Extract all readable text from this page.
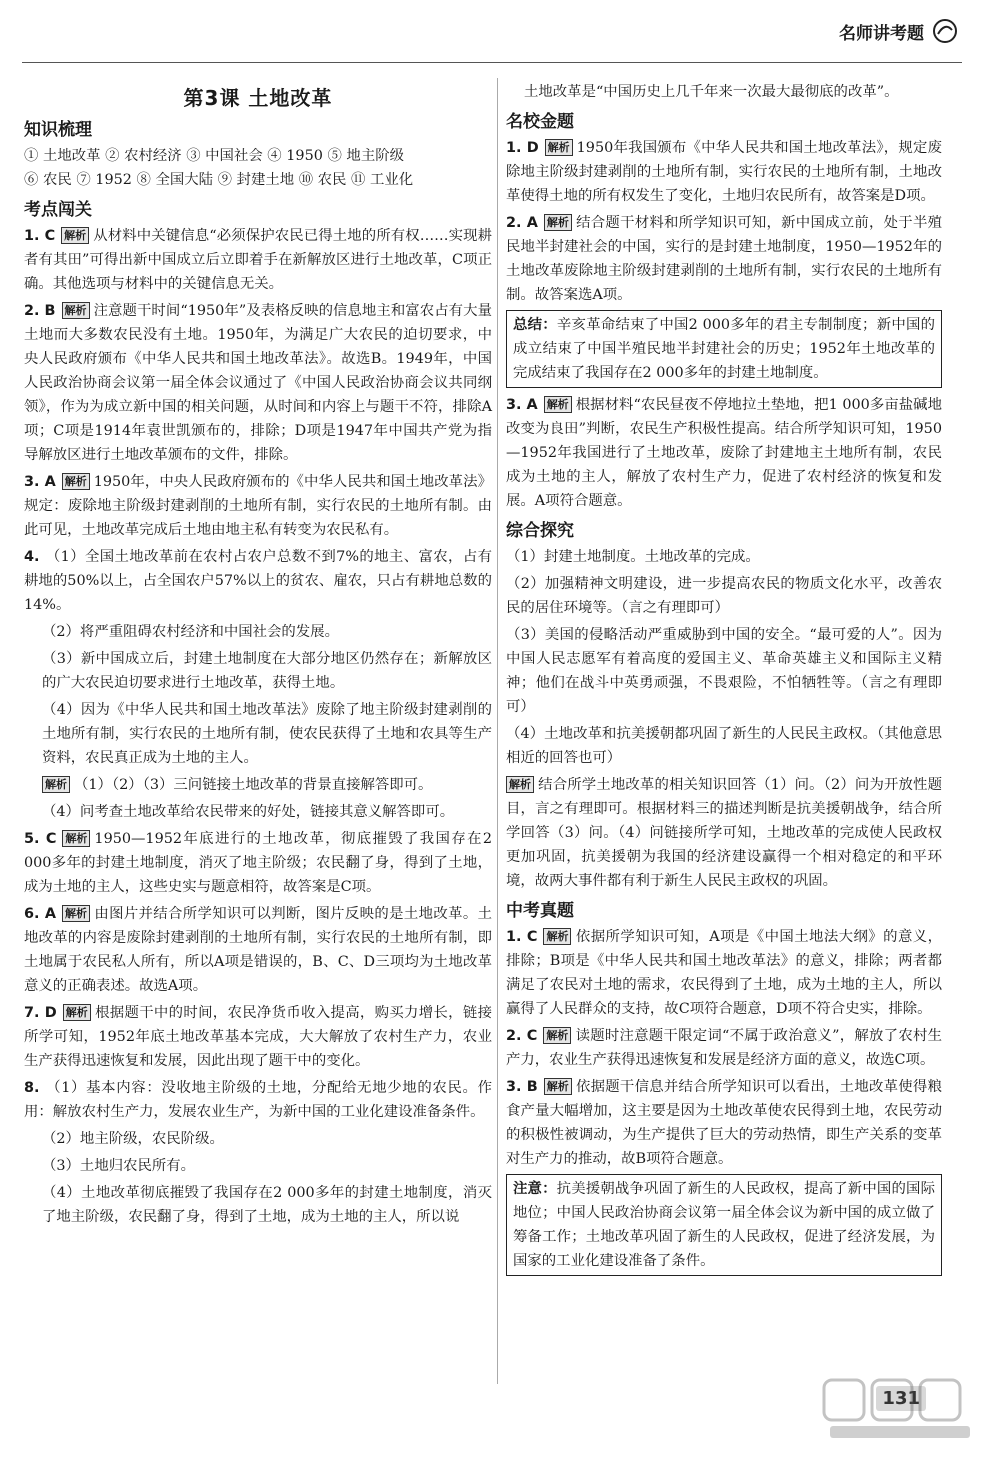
名师讲考题
第3课 土地改革
知识梳理

① 土地改革 ② 农村经济 ③ 中国社会 ④ 1950 ⑤ 地主阶级

⑥ 农民 ⑦ 1952 ⑧ 全国大陆 ⑨ 封建土地 ⑩ 农民 ⑪ 工业化

考点闯关

1. C 解析 从材料中关键信息“必须保护农民已得土地的所有权……实现耕者有其田”可得出新中国成立后立即着手在新解放区进行土地改革，C项正确。其他选项与材料中的关键信息无关。

2. B 解析 注意题干时间“1950年”及表格反映的信息地主和富农占有大量土地而大多数农民没有土地。1950年，为满足广大农民的迫切要求，中央人民政府颁布《中华人民共和国土地改革法》。故选B。1949年，中国人民政治协商会议第一届全体会议通过了《中国人民政治协商会议共同纲领》，作为为成立新中国的相关问题，从时间和内容上与题干不符，排除A项；C项是1914年袁世凯颁布的，排除；D项是1947年中国共产党为指导解放区进行土地改革颁布的文件，排除。

3. A 解析 1950年，中央人民政府颁布的《中华人民共和国土地改革法》规定：废除地主阶级封建剥削的土地所有制，实行农民的土地所有制。由此可见，土地改革完成后土地由地主私有转变为农民私有。

4. （1）全国土地改革前在农村占农户总数不到7%的地主、富农，占有耕地的50%以上，占全国农户57%以上的贫农、雇农，只占有耕地总数的14%。

（2）将严重阻碍农村经济和中国社会的发展。

（3）新中国成立后，封建土地制度在大部分地区仍然存在；新解放区的广大农民迫切要求进行土地改革，获得土地。

（4）因为《中华人民共和国土地改革法》废除了地主阶级封建剥削的土地所有制，实行农民的土地所有制，使农民获得了土地和农具等生产资料，农民真正成为土地的主人。

解析 （1）（2）（3）三问链接土地改革的背景直接解答即可。

（4）问考查土地改革给农民带来的好处，链接其意义解答即可。

5. C 解析 1950—1952年底进行的土地改革，彻底摧毁了我国存在2 000多年的封建土地制度，消灭了地主阶级；农民翻了身，得到了土地，成为土地的主人，这些史实与题意相符，故答案是C项。

6. A 解析 由图片并结合所学知识可以判断，图片反映的是土地改革。土地改革的内容是废除封建剥削的土地所有制，实行农民的土地所有制，即土地属于农民私人所有，所以A项是错误的，B、C、D三项均为土地改革意义的正确表述。故选A项。

7. D 解析 根据题干中的时间，农民净货币收入提高，购买力增长，链接所学可知，1952年底土地改革基本完成，大大解放了农村生产力，农业生产获得迅速恢复和发展，因此出现了题干中的变化。

8. （1）基本内容：没收地主阶级的土地，分配给无地少地的农民。作用：解放农村生产力，发展农业生产，为新中国的工业化建设准备条件。

（2）地主阶级，农民阶级。

（3）土地归农民所有。

（4）土地改革彻底摧毁了我国存在2 000多年的封建土地制度，消灭了地主阶级，农民翻了身，得到了土地，成为土地的主人，所以说

土地改革是“中国历史上几千年来一次最大最彻底的改革”。

名校金题

1. D 解析 1950年我国颁布《中华人民共和国土地改革法》，规定废除地主阶级封建剥削的土地所有制，实行农民的土地所有制，土地改革使得土地的所有权发生了变化，土地归农民所有，故答案是D项。

2. A 解析 结合题干材料和所学知识可知，新中国成立前，处于半殖民地半封建社会的中国，实行的是封建土地制度，1950—1952年的土地改革废除地主阶级封建剥削的土地所有制，实行农民的土地所有制。故答案选A项。

总结：辛亥革命结束了中国2 000多年的君主专制制度；新中国的成立结束了中国半殖民地半封建社会的历史；1952年土地改革的完成结束了我国存在2 000多年的封建土地制度。

3. A 解析 根据材料“农民昼夜不停地拉土垫地，把1 000多亩盐碱地改变为良田”判断，农民生产积极性提高。结合所学知识可知，1950—1952年我国进行了土地改革，废除了封建地主土地所有制，农民成为土地的主人，解放了农村生产力，促进了农村经济的恢复和发展。A项符合题意。

综合探究

（1）封建土地制度。土地改革的完成。

（2）加强精神文明建设，进一步提高农民的物质文化水平，改善农民的居住环境等。（言之有理即可）

（3）美国的侵略活动严重威胁到中国的安全。“最可爱的人”。因为中国人民志愿军有着高度的爱国主义、革命英雄主义和国际主义精神；他们在战斗中英勇顽强，不畏艰险，不怕牺牲等。（言之有理即可）

（4）土地改革和抗美援朝都巩固了新生的人民民主政权。（其他意思相近的回答也可）

解析 结合所学土地改革的相关知识回答（1）问。（2）问为开放性题目，言之有理即可。根据材料三的描述判断是抗美援朝战争，结合所学回答（3）问。（4）问链接所学可知，土地改革的完成使人民政权更加巩固，抗美援朝为我国的经济建设赢得一个相对稳定的和平环境，故两大事件都有利于新生人民民主政权的巩固。

中考真题

1. C 解析 依据所学知识可知，A项是《中国土地法大纲》的意义，排除；B项是《中华人民共和国土地改革法》的意义，排除；两者都满足了农民对土地的需求，农民得到了土地，成为土地的主人，所以赢得了人民群众的支持，故C项符合题意，D项不符合史实，排除。

2. C 解析 读题时注意题干限定词“不属于政治意义”，解放了农村生产力，农业生产获得迅速恢复和发展是经济方面的意义，故选C项。

3. B 解析 依据题干信息并结合所学知识可以看出，土地改革使得粮食产量大幅增加，这主要是因为土地改革使农民得到土地，农民劳动的积极性被调动，为生产提供了巨大的劳动热情，即生产关系的变革对生产力的推动，故B项符合题意。

注意：抗美援朝战争巩固了新生的人民政权，提高了新中国的国际地位；中国人民政治协商会议第一届全体会议为新中国的成立做了筹备工作；土地改革巩固了新生的人民政权，促进了经济发展，为国家的工业化建设准备了条件。
131
